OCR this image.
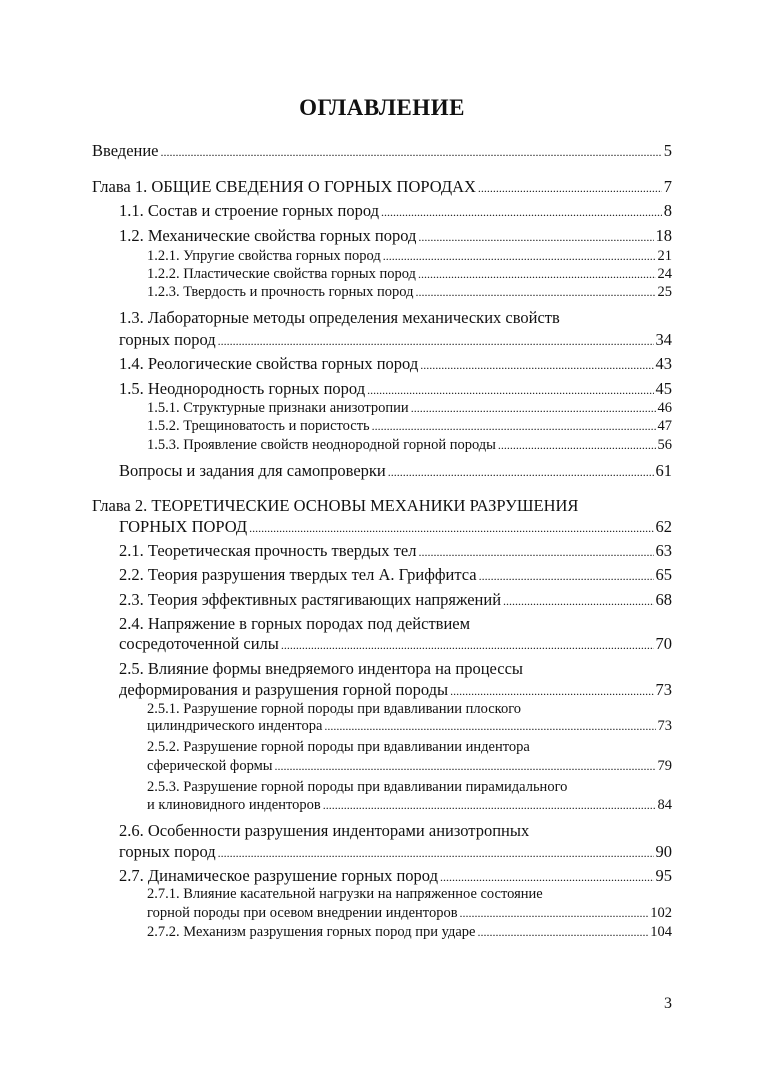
ОГЛАВЛЕНИЕ
Введение .....	5
Глава 1. ОБЩИЕ СВЕДЕНИЯ О ГОРНЫХ ПОРОДАХ .....	7
1.1. Состав и строение горных пород .....	8
1.2. Механические свойства горных пород .....	18
1.2.1. Упругие свойства горных пород .....	21
1.2.2. Пластические свойства горных пород .....	24
1.2.3. Твердость и прочность горных пород .....	25
1.3. Лабораторные методы определения механических свойств
горных пород .....	34
1.4. Реологические свойства горных пород .....	43
1.5. Неоднородность горных пород .....	45
1.5.1. Структурные признаки анизотропии .....	46
1.5.2. Трещиноватость и пористость .....	47
1.5.3. Проявление свойств неоднородной горной породы .....	56
Вопросы и задания для самопроверки .....	61
Глава 2. ТЕОРЕТИЧЕСКИЕ ОСНОВЫ МЕХАНИКИ РАЗРУШЕНИЯ
ГОРНЫХ ПОРОД .....	62
2.1. Теоретическая прочность твердых тел .....	63
2.2. Теория разрушения твердых тел А. Гриффитса .....	65
2.3. Теория эффективных растягивающих напряжений .....	68
2.4. Напряжение в горных породах под действием
сосредоточенной силы .....	70
2.5. Влияние формы внедряемого индентора на процессы
деформирования и разрушения горной породы .....	73
2.5.1. Разрушение горной породы при вдавливании плоского
цилиндрического индентора .....	73
2.5.2. Разрушение горной породы при вдавливании индентора
сферической формы .....	79
2.5.3. Разрушение горной породы при вдавливании пирамидального
и клиновидного инденторов .....	84
2.6. Особенности разрушения инденторами анизотропных
горных пород .....	90
2.7. Динамическое разрушение горных пород .....	95
2.7.1. Влияние касательной нагрузки на напряженное состояние
горной породы при осевом внедрении инденторов .....	102
2.7.2. Механизм разрушения горных пород при ударе .....	104
3
